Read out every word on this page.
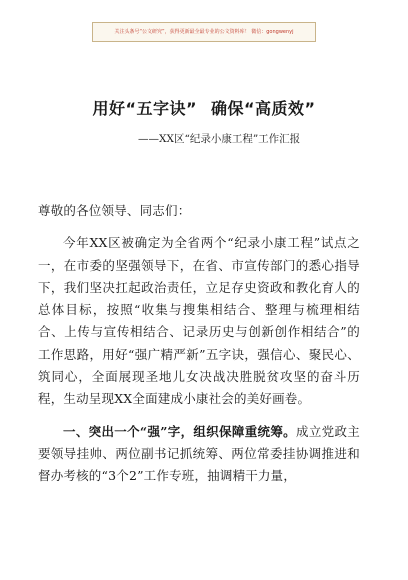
关注头条号“公文研究”，获得更新最全最专业的公文资料库！ 微信：gongwenyj
用好“五字诀” 确保“高质效”
——XX区“纪录小康工程”工作汇报

尊敬的各位领导、同志们：

今年XX区被确定为全省两个“纪录小康工程”试点之一，在市委的坚强领导下，在省、市宣传部门的悉心指导下，我们坚决扛起政治责任，立足存史资政和教化育人的总体目标，按照“收集与搜集相结合、整理与梳理相结合、上传与宣传相结合、记录历史与创新创作相结合”的工作思路，用好“强广精严新”五字诀，强信心、聚民心、筑同心，全面展现圣地儿女决战决胜脱贫攻坚的奋斗历程，生动呈现XX全面建成小康社会的美好画卷。

一、突出一个“强”字，组织保障重统筹。成立党政主要领导挂帅、两位副书记抓统筹、两位常委挂协调推进和督办考核的“3个2”工作专班，抽调精干力量，
